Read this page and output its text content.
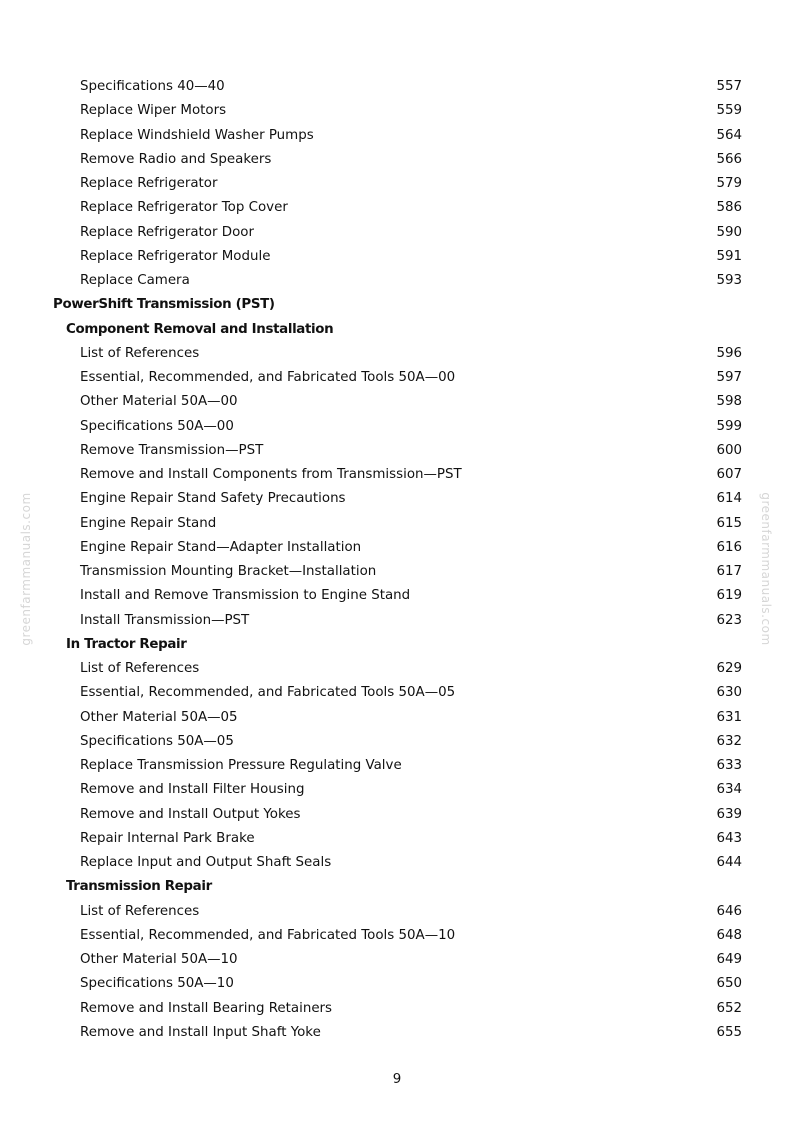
Specifications 40—40	557
Replace Wiper Motors	559
Replace Windshield Washer Pumps	564
Remove Radio and Speakers	566
Replace Refrigerator	579
Replace Refrigerator Top Cover	586
Replace Refrigerator Door	590
Replace Refrigerator Module	591
Replace Camera	593
PowerShift Transmission (PST)
Component Removal and Installation
List of References	596
Essential, Recommended, and Fabricated Tools 50A—00	597
Other Material 50A—00	598
Specifications 50A—00	599
Remove Transmission—PST	600
Remove and Install Components from Transmission—PST	607
Engine Repair Stand Safety Precautions	614
Engine Repair Stand	615
Engine Repair Stand—Adapter Installation	616
Transmission Mounting Bracket—Installation	617
Install and Remove Transmission to Engine Stand	619
Install Transmission—PST	623
In Tractor Repair
List of References	629
Essential, Recommended, and Fabricated Tools 50A—05	630
Other Material 50A—05	631
Specifications 50A—05	632
Replace Transmission Pressure Regulating Valve	633
Remove and Install Filter Housing	634
Remove and Install Output Yokes	639
Repair Internal Park Brake	643
Replace Input and Output Shaft Seals	644
Transmission Repair
List of References	646
Essential, Recommended, and Fabricated Tools 50A—10	648
Other Material 50A—10	649
Specifications 50A—10	650
Remove and Install Bearing Retainers	652
Remove and Install Input Shaft Yoke	655
greenfarmmanuals.com	greenfarmmanuals.com
9
